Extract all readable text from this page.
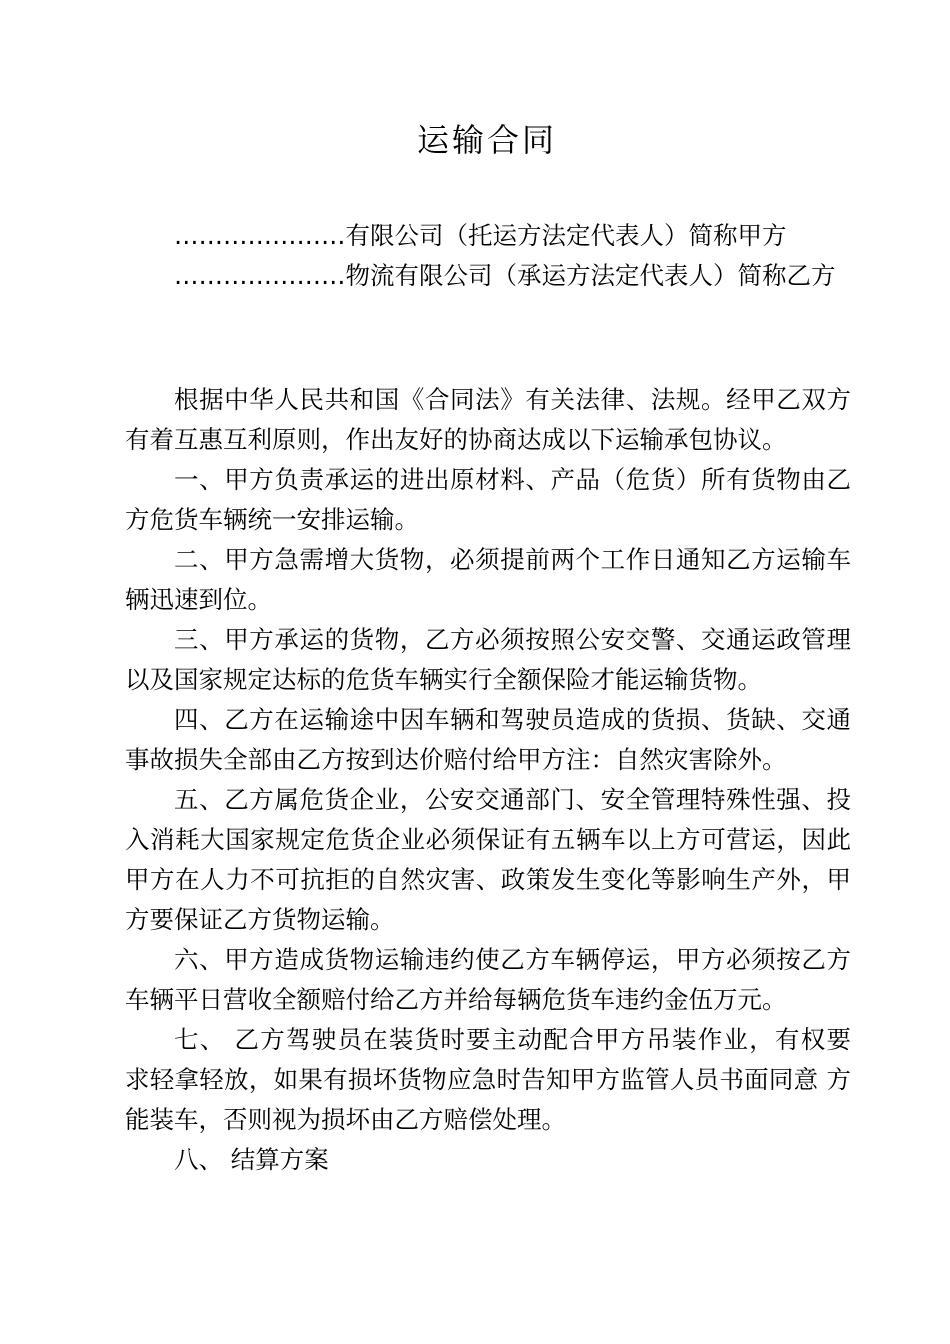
运输合同

…………………有限公司（托运方法定代表人）简称甲方

…………………物流有限公司（承运方法定代表人）简称乙方

根据中华人民共和国《合同法》有关法律、法规。经甲乙双方有着互惠互利原则，作出友好的协商达成以下运输承包协议。

一、甲方负责承运的进出原材料、产品（危货）所有货物由乙方危货车辆统一安排运输。

二、甲方急需增大货物，必须提前两个工作日通知乙方运输车辆迅速到位。

三、甲方承运的货物，乙方必须按照公安交警、交通运政管理以及国家规定达标的危货车辆实行全额保险才能运输货物。

四、乙方在运输途中因车辆和驾驶员造成的货损、货缺、交通事故损失全部由乙方按到达价赔付给甲方注：自然灾害除外。

五、乙方属危货企业，公安交通部门、安全管理特殊性强、投入消耗大国家规定危货企业必须保证有五辆车以上方可营运，因此甲方在人力不可抗拒的自然灾害、政策发生变化等影响生产外，甲方要保证乙方货物运输。

六、甲方造成货物运输违约使乙方车辆停运，甲方必须按乙方车辆平日营收全额赔付给乙方并给每辆危货车违约金伍万元。

七、 乙方驾驶员在装货时要主动配合甲方吊装作业，有权要 求轻拿轻放，如果有损坏货物应急时告知甲方监管人员书面同意 方能装车，否则视为损坏由乙方赔偿处理。

八、 结算方案
